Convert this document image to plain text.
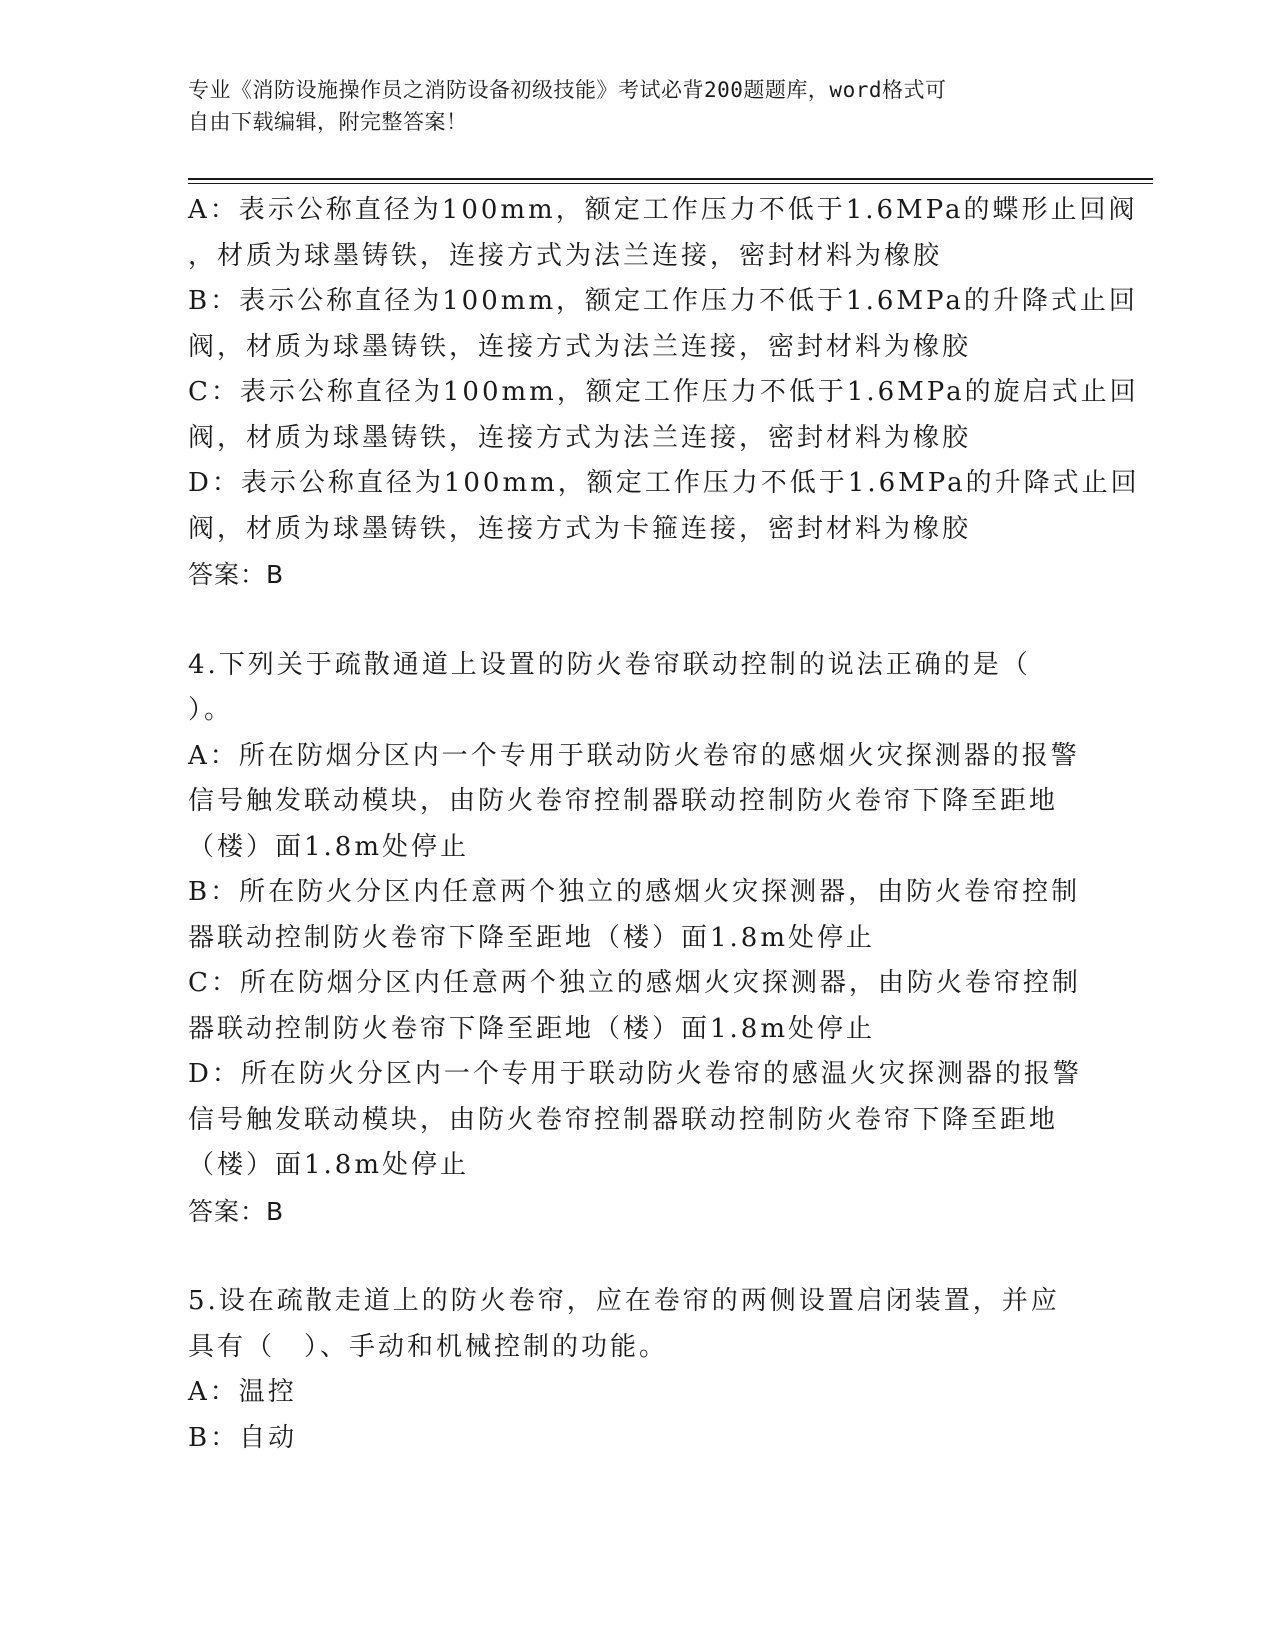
专业《消防设施操作员之消防设备初级技能》考试必背200题题库，word格式可
自由下载编辑，附完整答案！
A：表示公称直径为100mm，额定工作压力不低于1.6MPa的蝶形止回阀
，材质为球墨铸铁，连接方式为法兰连接，密封材料为橡胶
B：表示公称直径为100mm，额定工作压力不低于1.6MPa的升降式止回
阀，材质为球墨铸铁，连接方式为法兰连接，密封材料为橡胶
C：表示公称直径为100mm，额定工作压力不低于1.6MPa的旋启式止回
阀，材质为球墨铸铁，连接方式为法兰连接，密封材料为橡胶
D：表示公称直径为100mm，额定工作压力不低于1.6MPa的升降式止回
阀，材质为球墨铸铁，连接方式为卡箍连接，密封材料为橡胶
答案：B
4.下列关于疏散通道上设置的防火卷帘联动控制的说法正确的是（
）。
A：所在防烟分区内一个专用于联动防火卷帘的感烟火灾探测器的报警
信号触发联动模块，由防火卷帘控制器联动控制防火卷帘下降至距地
（楼）面1.8m处停止
B：所在防火分区内任意两个独立的感烟火灾探测器，由防火卷帘控制
器联动控制防火卷帘下降至距地（楼）面1.8m处停止
C：所在防烟分区内任意两个独立的感烟火灾探测器，由防火卷帘控制
器联动控制防火卷帘下降至距地（楼）面1.8m处停止
D：所在防火分区内一个专用于联动防火卷帘的感温火灾探测器的报警
信号触发联动模块，由防火卷帘控制器联动控制防火卷帘下降至距地
（楼）面1.8m处停止
答案：B
5.设在疏散走道上的防火卷帘，应在卷帘的两侧设置启闭装置，并应
具有（　）、手动和机械控制的功能。
A：温控
B：自动
